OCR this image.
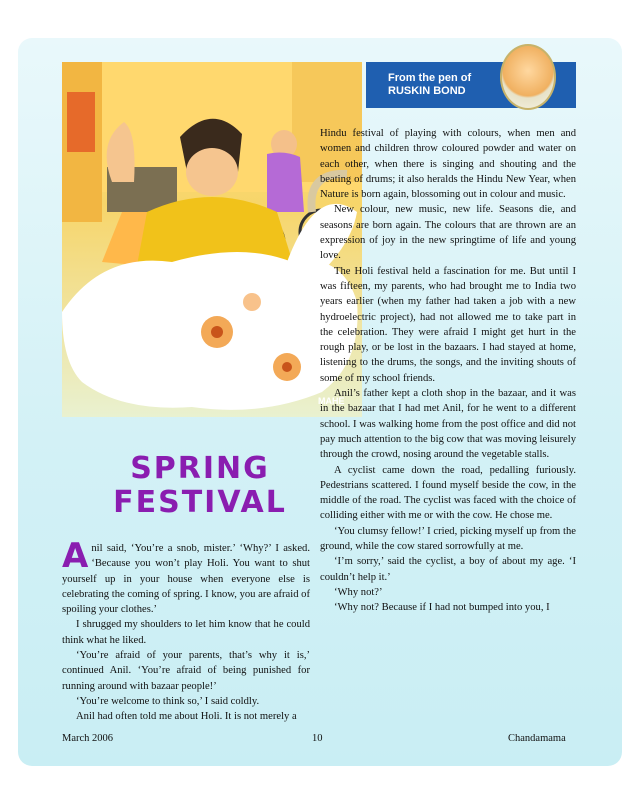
MAHE
From the pen of
RUSKIN BOND
SPRING
FESTIVAL

Hindu festival of playing with colours, when men and women and children throw coloured powder and water on each other, when there is singing and shouting and the beating of drums; it also heralds the Hindu New Year, when Nature is born again, blossoming out in colour and music.

New colour, new music, new life. Seasons die, and seasons are born again. The colours that are thrown are an expression of joy in the new springtime of life and young love.

The Holi festival held a fascination for me. But until I was fifteen, my parents, who had brought me to India two years earlier (when my father had taken a job with a new hydroelectric project), had not allowed me to take part in the celebration. They were afraid I might get hurt in the rough play, or be lost in the bazaars. I had stayed at home, listening to the drums, the songs, and the inviting shouts of some of my school friends.

Anil’s father kept a cloth shop in the bazaar, and it was in the bazaar that I had met Anil, for he went to a different school. I was walking home from the post office and did not pay much attention to the big cow that was moving leisurely through the crowd, nosing around the vegetable stalls.

A cyclist came down the road, pedalling furiously. Pedestrians scattered. I found myself beside the cow, in the middle of the road. The cyclist was faced with the choice of colliding either with me or with the cow. He chose me.

‘You clumsy fellow!’ I cried, picking myself up from the ground, while the cow stared sorrowfully at me.

‘I’m sorry,’ said the cyclist, a boy of about my age. ‘I couldn’t help it.’

‘Why not?’

‘Why not? Because if I had not bumped into you, I

Anil said, ‘You’re a snob, mister.’ ‘Why?’ I asked. ‘Because you won’t play Holi. You want to shut yourself up in your house when everyone else is celebrating the coming of spring. I know, you are afraid of spoiling your clothes.’

I shrugged my shoulders to let him know that he could think what he liked.

‘You’re afraid of your parents, that’s why it is,’ continued Anil. ‘You’re afraid of being punished for running around with bazaar people!’

‘You’re welcome to think so,’ I said coldly.

Anil had often told me about Holi. It is not merely a

March 2006	10	Chandamama
